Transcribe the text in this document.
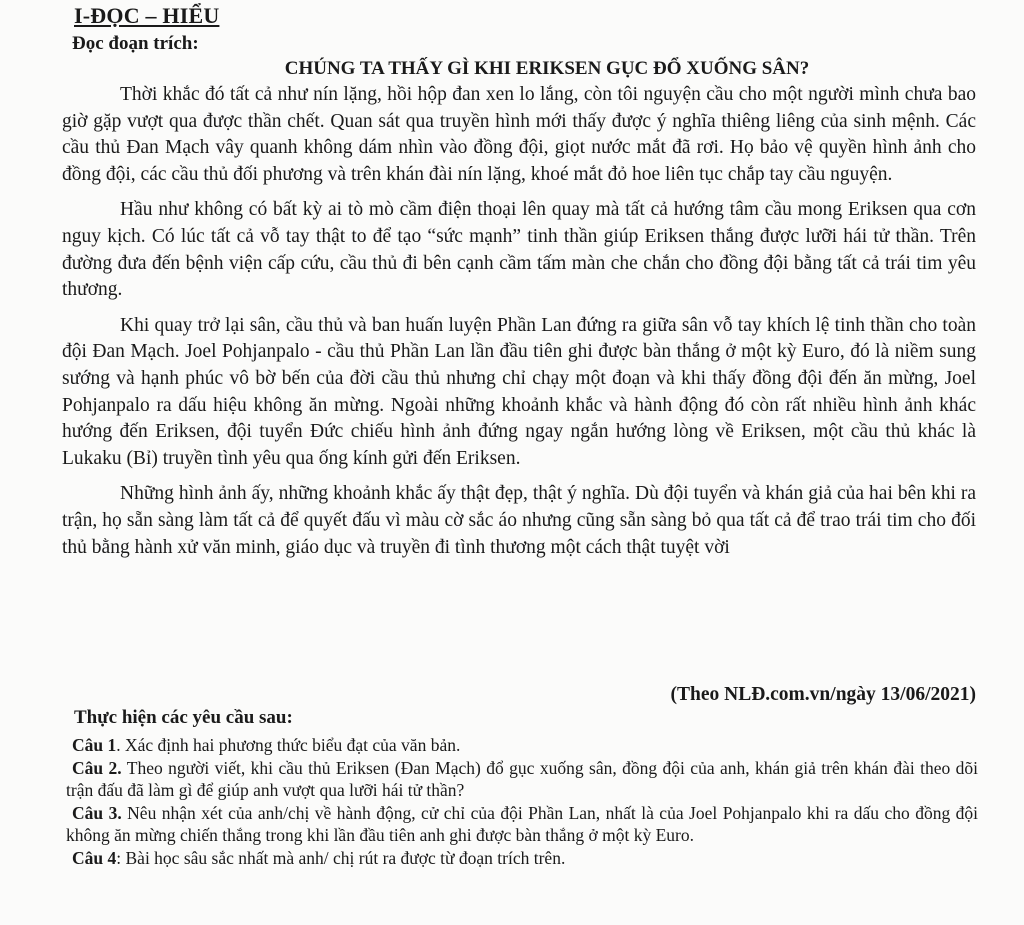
I-ĐỌC – HIỂU
Đọc đoạn trích:
CHÚNG TA THẤY GÌ KHI ERIKSEN GỤC ĐỔ XUỐNG SÂN?

Thời khắc đó tất cả như nín lặng, hồi hộp đan xen lo lắng, còn tôi nguyện cầu cho một người mình chưa bao giờ gặp vượt qua được thần chết. Quan sát qua truyền hình mới thấy được ý nghĩa thiêng liêng của sinh mệnh. Các cầu thủ Đan Mạch vây quanh không dám nhìn vào đồng đội, giọt nước mắt đã rơi. Họ bảo vệ quyền hình ảnh cho đồng đội, các cầu thủ đối phương và trên khán đài nín lặng, khoé mắt đỏ hoe liên tục chắp tay cầu nguyện.

Hầu như không có bất kỳ ai tò mò cầm điện thoại lên quay mà tất cả hướng tâm cầu mong Eriksen qua cơn nguy kịch. Có lúc tất cả vỗ tay thật to để tạo “sức mạnh” tinh thần giúp Eriksen thắng được lưỡi hái tử thần. Trên đường đưa đến bệnh viện cấp cứu, cầu thủ đi bên cạnh cầm tấm màn che chắn cho đồng đội bằng tất cả trái tim yêu thương.

Khi quay trở lại sân, cầu thủ và ban huấn luyện Phần Lan đứng ra giữa sân vỗ tay khích lệ tinh thần cho toàn đội Đan Mạch. Joel Pohjanpalo - cầu thủ Phần Lan lần đầu tiên ghi được bàn thắng ở một kỳ Euro, đó là niềm sung sướng và hạnh phúc vô bờ bến của đời cầu thủ nhưng chỉ chạy một đoạn và khi thấy đồng đội đến ăn mừng, Joel Pohjanpalo ra dấu hiệu không ăn mừng. Ngoài những khoảnh khắc và hành động đó còn rất nhiều hình ảnh khác hướng đến Eriksen, đội tuyển Đức chiếu hình ảnh đứng ngay ngắn hướng lòng về Eriksen, một cầu thủ khác là Lukaku (Bỉ) truyền tình yêu qua ống kính gửi đến Eriksen.

Những hình ảnh ấy, những khoảnh khắc ấy thật đẹp, thật ý nghĩa. Dù đội tuyển và khán giả của hai bên khi ra trận, họ sẵn sàng làm tất cả để quyết đấu vì màu cờ sắc áo nhưng cũng sẵn sàng bỏ qua tất cả để trao trái tim cho đối thủ bằng hành xử văn minh, giáo dục và truyền đi tình thương một cách thật tuyệt vời

(Theo NLĐ.com.vn/ngày 13/06/2021)
Thực hiện các yêu cầu sau:
Câu 1. Xác định hai phương thức biểu đạt của văn bản.
Câu 2. Theo người viết, khi cầu thủ Eriksen (Đan Mạch) đổ gục xuống sân, đồng đội của anh, khán giả trên khán đài theo dõi trận đấu đã làm gì để giúp anh vượt qua lưỡi hái tử thần?
Câu 3. Nêu nhận xét của anh/chị về hành động, cử chỉ của đội Phần Lan, nhất là của Joel Pohjanpalo khi ra dấu cho đồng đội không ăn mừng chiến thắng trong khi lần đầu tiên anh ghi được bàn thắng ở một kỳ Euro.
Câu 4: Bài học sâu sắc nhất mà anh/ chị rút ra được từ đoạn trích trên.
